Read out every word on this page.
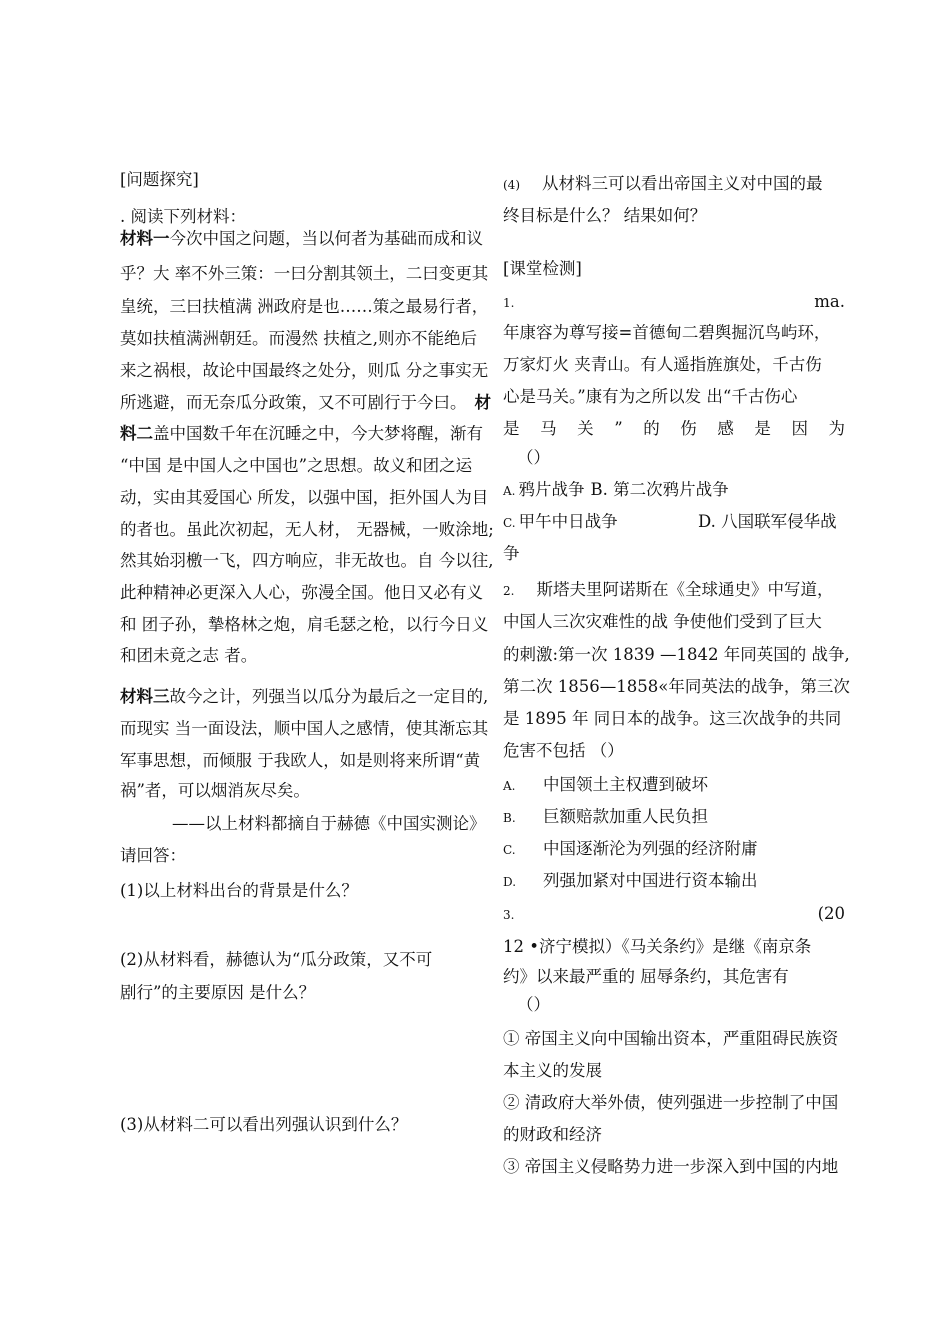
[问题探究]
. 阅读下列材料：
材料一今次中国之问题，当以何者为基础而成和议
乎？大 率不外三策：一曰分割其领土，二曰变更其
皇统，三曰扶植满 洲政府是也……策之最易行者，
莫如扶植满洲朝廷。而漫然 扶植之,则亦不能绝后
来之祸根，故论中国最终之处分，则瓜 分之事实无
所逃避，而无奈瓜分政策，又不可剧行于今曰。 材
料二盖中国数千年在沉睡之中，今大梦将醒，渐有
“中国 是中国人之中国也”之思想。故义和团之运
动，实由其爱国心 所发，以强中国，拒外国人为目
的者也。虽此次初起，无人材， 无器械，一败涂地;
然其始羽檄一飞，四方响应，非无故也。自 今以往,
此种精神必更深入人心，弥漫全国。他日又必有义
和 团子孙，摯格林之炮，肩毛瑟之枪，以行今日义
和团未竟之志 者。
材料三故今之计，列强当以瓜分为最后之一定目的,
而现实 当一面设法，顺中国人之感情，使其渐忘其
军事思想，而倾服 于我欧人，如是则将来所谓“黄
祸”者，可以烟消灰尽矣。
——以上材料都摘自于赫德《中国实测论》
请回答：
(1)以上材料出台的背景是什么？
(2)从材料看，赫德认为“瓜分政策，又不可
剧行”的主要原因 是什么？
(3)从材料二可以看出列强认识到什么？
(4) 从材料三可以看出帝国主义对中国的最
终目标是什么？ 结果如何？
[课堂检测]
1.	ma.
年康容为尊写接=首德甸二碧舆掘沉鸟屿环，
万家灯火 夹青山。有人遥指旌旗处，千古伤
心是马关。”康有为之所以发 出“千古伤心
是 马 关 ” 的 伤 感 是 因 为
（）
A. 鸦片战争 B. 第二次鸦片战争
C. 甲午中日战争	D. 八国联军侵华战
争
2. 斯塔夫里阿诺斯在《全球通史》中写道，
中国人三次灾难性的战 争使他们受到了巨大
的刺激:第一次 1839 —1842 年同英国的 战争,
第二次 1856—1858«年同英法的战争，第三次
是 1895 年 同日本的战争。这三次战争的共同
危害不包括 （）
A. 中国领土主权遭到破坏
B. 巨额赔款加重人民负担
C. 中国逐渐沦为列强的经济附庸
D. 列强加紧对中国进行资本输出
3.	(20
12 •济宁模拟）《马关条约》是继《南京条
约》以来最严重的 屈辱条约，其危害有
（）
① 帝国主义向中国输出资本，严重阻碍民族资
本主义的发展
② 清政府大举外债，使列强进一步控制了中国
的财政和经济
③ 帝国主义侵略势力进一步深入到中国的内地
